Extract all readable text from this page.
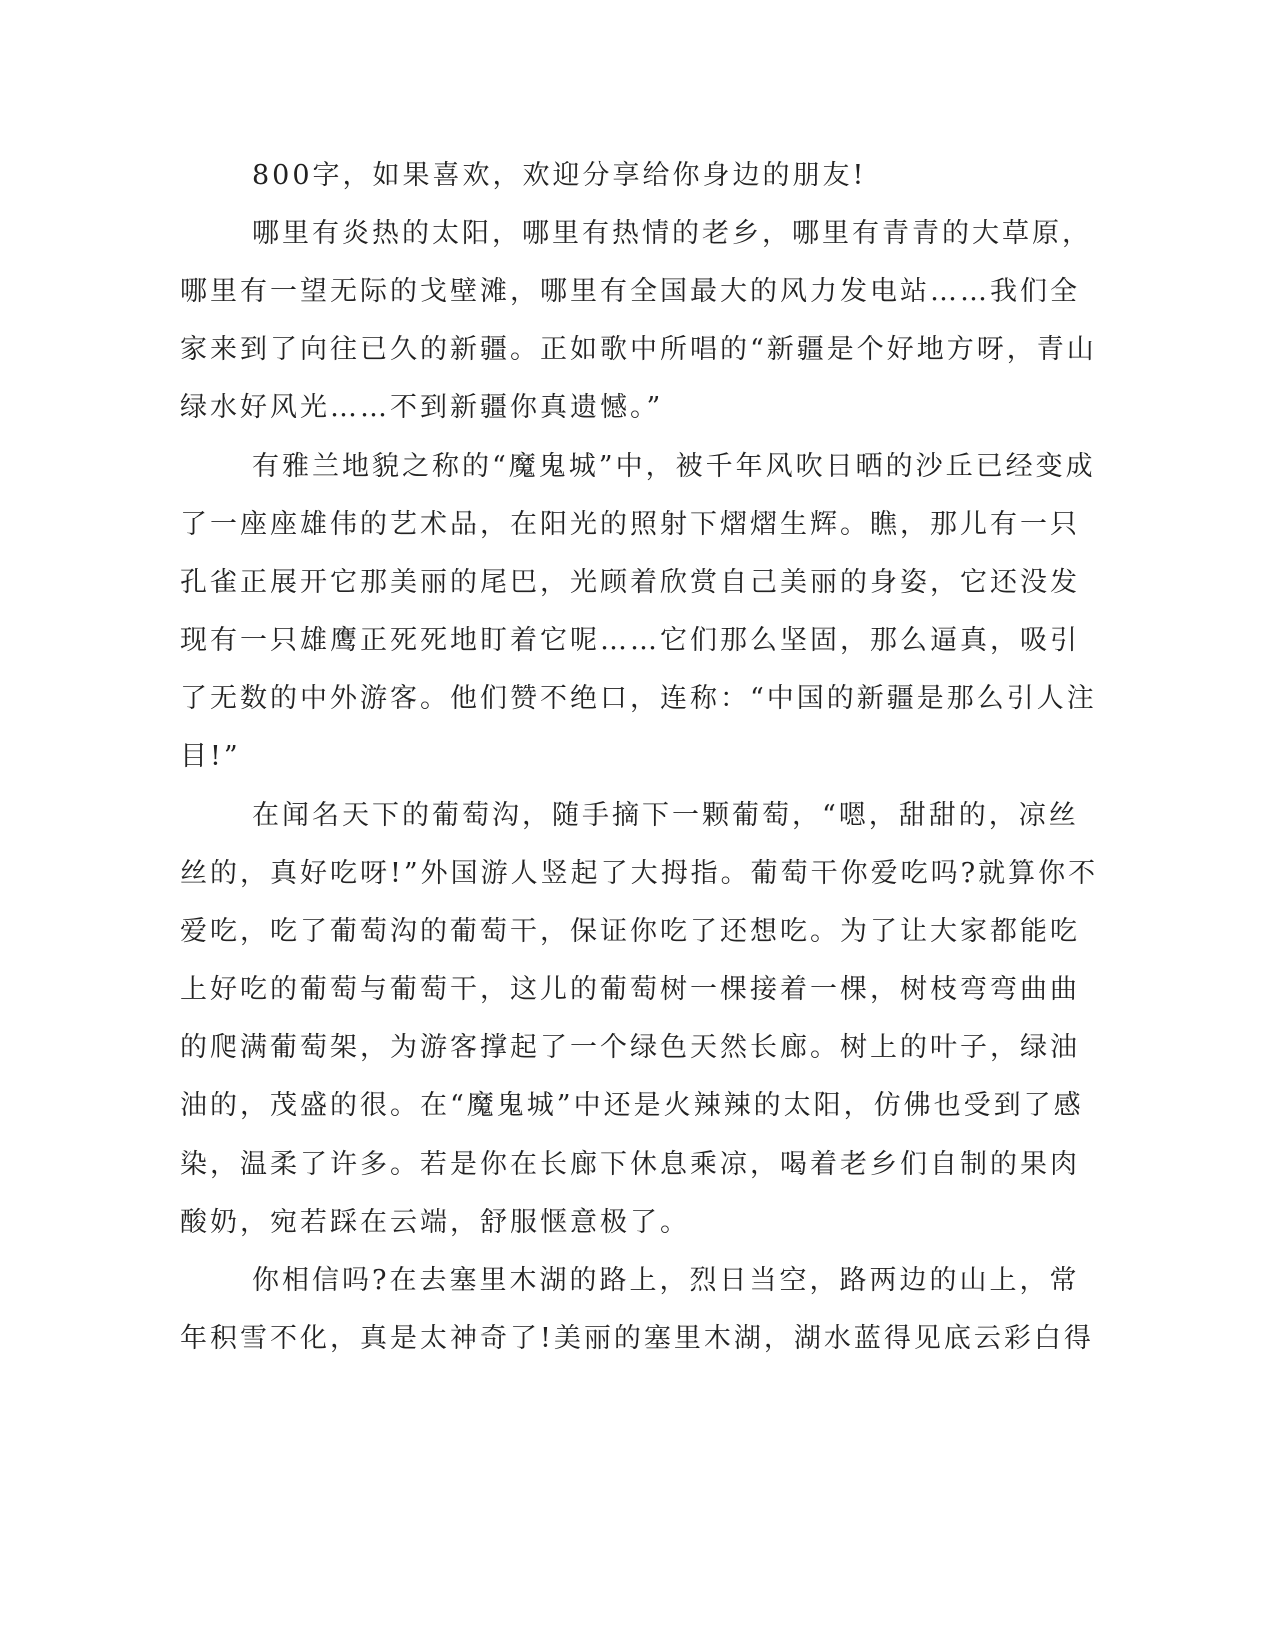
800字，如果喜欢，欢迎分享给你身边的朋友!
哪里有炎热的太阳，哪里有热情的老乡，哪里有青青的大草原，
哪里有一望无际的戈壁滩，哪里有全国最大的风力发电站……我们全
家来到了向往已久的新疆。正如歌中所唱的“新疆是个好地方呀，青山
绿水好风光……不到新疆你真遗憾。”
有雅兰地貌之称的“魔鬼城”中，被千年风吹日晒的沙丘已经变成
了一座座雄伟的艺术品，在阳光的照射下熠熠生辉。瞧，那儿有一只
孔雀正展开它那美丽的尾巴，光顾着欣赏自己美丽的身姿，它还没发
现有一只雄鹰正死死地盯着它呢……它们那么坚固，那么逼真，吸引
了无数的中外游客。他们赞不绝口，连称：“中国的新疆是那么引人注
目!”
在闻名天下的葡萄沟，随手摘下一颗葡萄，“嗯，甜甜的，凉丝
丝的，真好吃呀!”外国游人竖起了大拇指。葡萄干你爱吃吗?就算你不
爱吃，吃了葡萄沟的葡萄干，保证你吃了还想吃。为了让大家都能吃
上好吃的葡萄与葡萄干，这儿的葡萄树一棵接着一棵，树枝弯弯曲曲
的爬满葡萄架，为游客撑起了一个绿色天然长廊。树上的叶子，绿油
油的，茂盛的很。在“魔鬼城”中还是火辣辣的太阳，仿佛也受到了感
染，温柔了许多。若是你在长廊下休息乘凉，喝着老乡们自制的果肉
酸奶，宛若踩在云端，舒服惬意极了。
你相信吗?在去塞里木湖的路上，烈日当空，路两边的山上，常
年积雪不化，真是太神奇了!美丽的塞里木湖，湖水蓝得见底云彩白得
